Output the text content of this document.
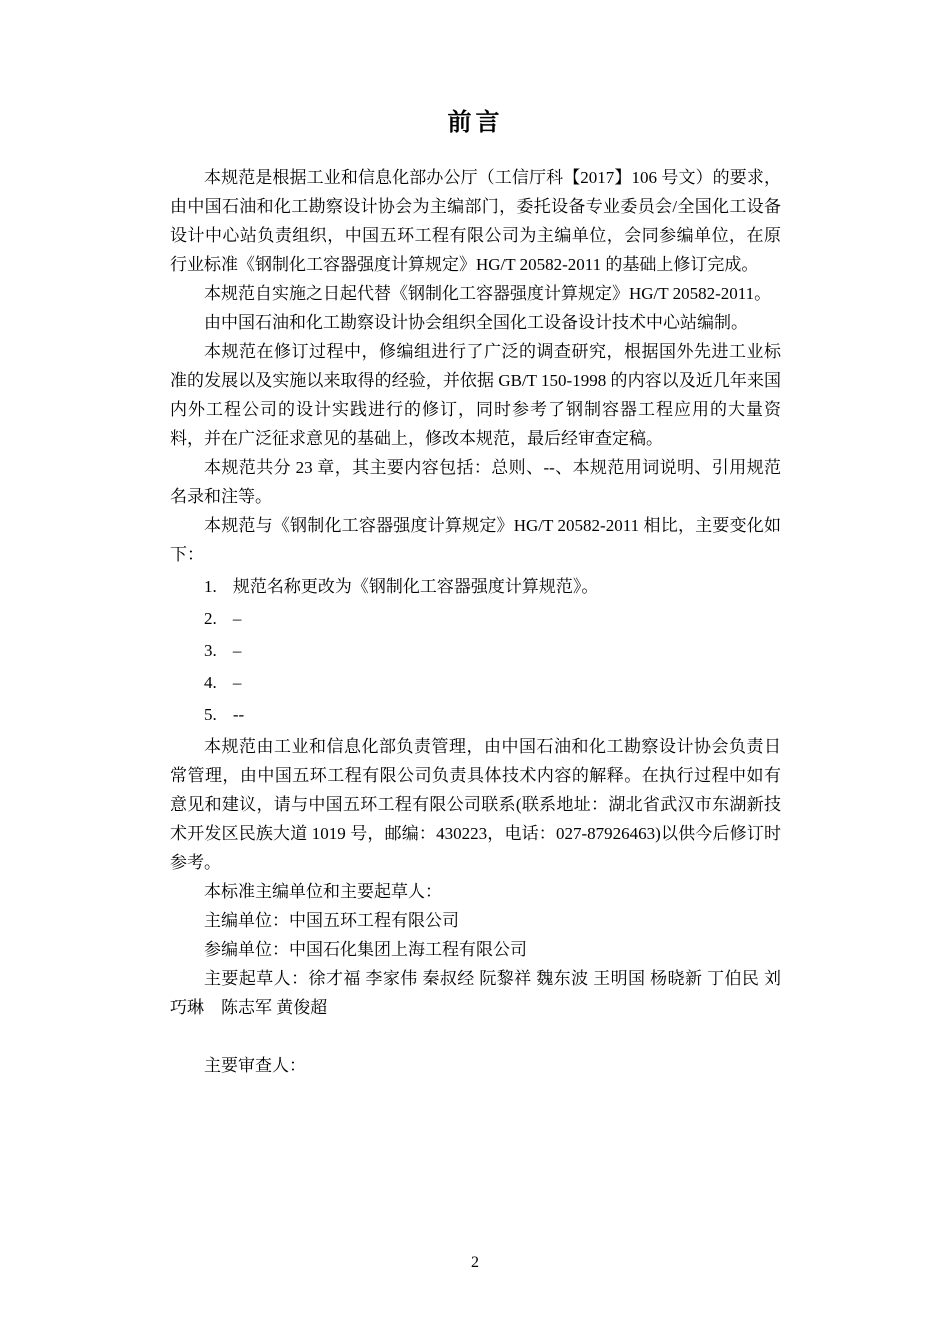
前言

本规范是根据工业和信息化部办公厅（工信厅科【2017】106 号文）的要求，由中国石油和化工勘察设计协会为主编部门，委托设备专业委员会/全国化工设备设计中心站负责组织，中国五环工程有限公司为主编单位，会同参编单位，在原行业标准《钢制化工容器强度计算规定》HG/T 20582-2011 的基础上修订完成。

本规范自实施之日起代替《钢制化工容器强度计算规定》HG/T 20582-2011。

由中国石油和化工勘察设计协会组织全国化工设备设计技术中心站编制。

本规范在修订过程中，修编组进行了广泛的调查研究，根据国外先进工业标准的发展以及实施以来取得的经验，并依据 GB/T 150-1998 的内容以及近几年来国内外工程公司的设计实践进行的修订，同时参考了钢制容器工程应用的大量资料，并在广泛征求意见的基础上，修改本规范，最后经审查定稿。

本规范共分 23 章，其主要内容包括：总则、--、本规范用词说明、引用规范名录和注等。

本规范与《钢制化工容器强度计算规定》HG/T 20582-2011 相比，主要变化如下：

1. 规范名称更改为《钢制化工容器强度计算规范》。
2. –
3. –
4. –
5. --

本规范由工业和信息化部负责管理，由中国石油和化工勘察设计协会负责日常管理，由中国五环工程有限公司负责具体技术内容的解释。在执行过程中如有意见和建议，请与中国五环工程有限公司联系(联系地址：湖北省武汉市东湖新技术开发区民族大道 1019 号，邮编：430223，电话：027-87926463)以供今后修订时参考。

本标准主编单位和主要起草人：

主编单位：中国五环工程有限公司

参编单位：中国石化集团上海工程有限公司

主要起草人：徐才福 李家伟 秦叔经 阮黎祥 魏东波 王明国 杨晓新 丁伯民 刘巧琳　陈志军 黄俊超

主要审查人：

2
